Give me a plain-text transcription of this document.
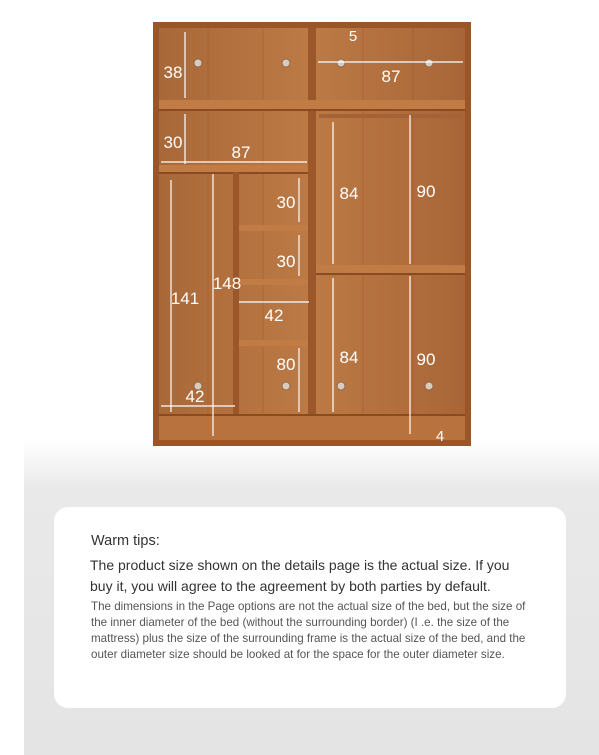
5
38	87
30
87
30
30
84	90
141
148
42
80	84	90
42
4
Warm tips:
The product size shown on the details page is the actual size. If you buy it, you will agree to the agreement by both parties by default.
The dimensions in the Page options are not the actual size of the bed, but the size of the inner diameter of the bed (without the surrounding border) (I .e. the size of the mattress) plus the size of the surrounding frame is the actual size of the bed, and the outer diameter size should be looked at for the space for the outer diameter size.
